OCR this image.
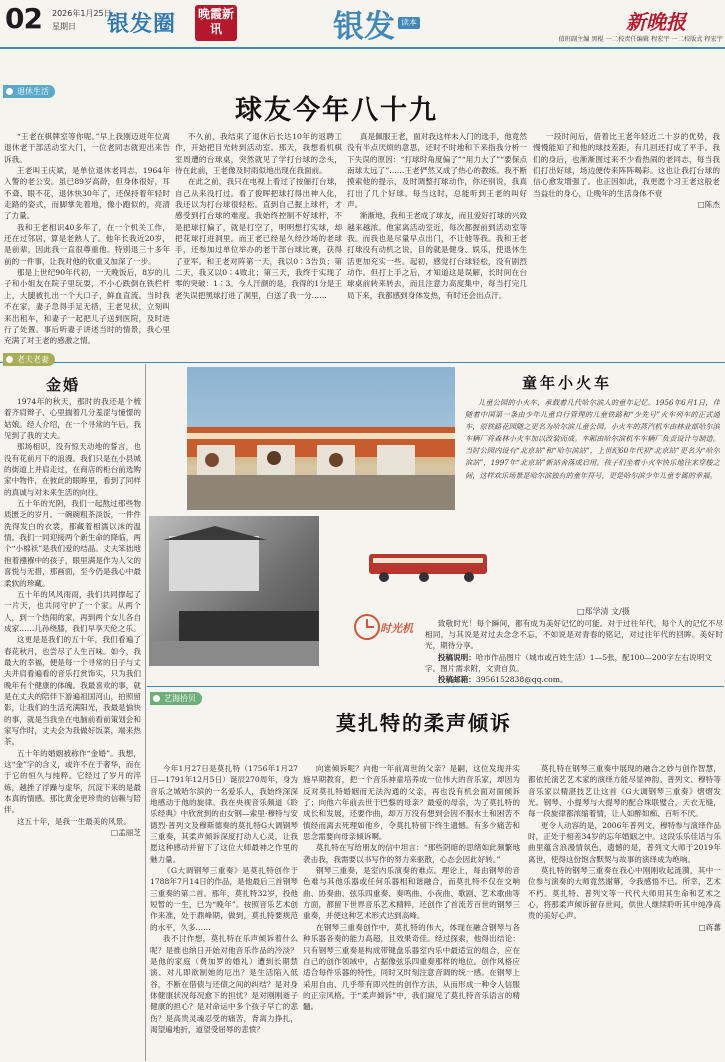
02 2026年1月25日
星期日 银发圈 晚霞新讯	银发 读本	新晚报
值班副主编 黑棍 一二校责任编辑 程宏宇 一二校版式 程宏宇
退休生活
球友今年八十九

“王老在棋牌室等你呢。”早上我刚迈进年位离退休老干部活动室大门，一位老同志就迎出来告诉我。

王老叫王庆斌，是单位退休老同志，1964年入警的老公安。虽已89岁高龄，但身体很好，耳不聋、眼不花，退休快30年了，还保持着年轻时走路的姿式，而脚掌先着地，像小跑似的，亮清了力量。

我和王老相识40多年了，在一个机关工作，还在过邻居，算是老熟人了。他年长我近20岁，是前辈，因此我一直很尊重他。特别退三十多年前的一件事，让我对他的钦重又加深了一步。

那是上世纪90年代初，一天晚饭后，8岁的儿子和小姐友在院子里玩耍，不小心跌倒在铁栏杆上，大腿被扎出一个大口子，鲜血直流。当时我不在家，妻子急得手足无措，王老见状，立刻叫来出租车，和妻子一起把儿子送到医院，及时进行了处置。事后听妻子讲述当时的情景，我心里充满了对王老的感激之情。

不久前，我结束了退休后长达10年的返聘工作，开始把目光转到活动室。那天，我想看机棋室周遭的台球桌，突然就见了学打台球的念头，待在此前，王老像及时雨似地出现在我面前。

在此之前，我只在电视上看过了按俪打台球，自己从来没打过。看了俊晖把球打得出神入化，我还以为打台球很轻松。直到自己握上球杆，才感受到打台球的难度。我始终控制不好球杆，不是把球打偏了，就是打空了，明明想打实球，却把花球打进洞里。而王老已经是久经沙场的老球手，还参加过单位举办的老干部台球比赛，获得了亚军。和王老对阵第一天，我以0∶3告负；第二天，我又以0∶4败北；第三天，我终于实现了零的突破：1∶3。今人汗颜的是，我得的1分是王老失误把黑球打进了洞里，白送了我一分……

真是佩服王老，面对我这样未入门的选手，他竟然没有半点厌烦的意思，还时不时地和下来指我分析一下失误的原因：“打球时角度偏了”“用力大了”“要保点南球太远了”……王老俨然又成了热心的教练。我不断摸索他的提示，及时调整打球动作，你还别说，我真打出了几个好球。每当这时，总能听到王老的叫好声。

渐渐地，我和王老成了球友，而且爱好打球的兴致越来越浓。他家离活动室近，每次都握前到活动室等我。而我也是尽量早点出门，不让他等我。我和王老打球没有动机之说，目的就是健身、娱乐，使退休生活更加充实一些。起初，感觉打台球轻松，没有剧烈动作。但打上手之后，才知道这是误解，长时间在台球桌前转来转去，而且注意力高度集中，每当打完几局下来，我都感到身体发热，有时还会出点汗。

一段时间后，借着比王老年轻近二十岁的优势，我慢慢能知了和他的球技差距，有几回还打成了平手。我们的身后，也渐渐围过来不少看热闹的老同志，每当我们打出好球，场边便传来阵阵喝彩。这也让我打台球的信心愈发增强了。也正因如此，我更愿个习王老这般老当益壮的身心，让晚年的生活身体不衰

□陈杰

老夫老妻
金婚

1974年的秋天，那时的我还是个梳着齐肩辫子、心里揣着几分羞涩与憧憬的姑娘。经人介绍，在一个寻常的午后，我见到了我的丈夫。

那场相识，没有惊天动地的誓言，也没有花前月下的浪漫。我们只是在小县城的街道上并肩走过，在商店的柜台前选购家中物件，在彼此的眼眸里，看到了同样的真诚与对未来生活的向往。

五十年的光阴，我们一起熬过那些物质匮乏的岁月。一碗碗粗茶淡饭，一件件洗得发白的衣裳，都藏着相濡以沫的温情。我们一同迎接两个新生命的降临，两个“小棉袄”是我们爱的结晶。丈夫笨拙地抱着襁褓中的孩子，眼里满是作为人父的喜悦与无措，那画面，至今仍是我心中最柔软的珍藏。

五十年的风风雨雨，我们共同撑起了一片天，也共同守护了一个家。从两个人，到一个热闹的家，再到两个女儿各自成家……儿孙绕膝，我们早享天伦之乐。

这更是是我们的五十年，我们看遍了春花秋月，也尝尽了人生百味。如今，我最大的幸福，便是每一个寻常的日子与丈夫并肩看遍看的音乐打赏饰实，只为我们晚年有个健康的体魄。我最喜欢的事，就是在丈夫的陪伴下游遍祖国河山，拍照留影，让我们的生活充满阳光，我最是愉快的事，就是当我坐在电脑前看前策划会和家写作时，丈夫会为我做好饭菜，端来热茶。

五十年的婚姻被称作“金婚”。我想，这“金”字的含义，或许不在于奢华，而在于它的恒久与纯粹。它经过了岁月的淬炼，越挫了浮躁与虚华，沉淀下来的是最本真的情感。那比黄金更珍贵的信赖与陪伴。

这五十年，是我一生最美的风景。

□孟丽芝

童年小火车
儿童公园的小火车，承载着几代哈尔滨人的童年记忆。1956年6月1日，伴随着中国第一条由少年儿童自行管理的儿童铁路和“少先号”火车列车的正式通车，原铁路花园随之更名为哈尔滨儿童公园。小火车的蒸汽机车由林业部哈尔滨车辆厂将森林小火车加以改装而成。车厢由哈尔滨机车车辆厂负责设计与制造。当时公园内设有“北京站”和“哈尔滨站”，上世纪60年代初“北京站”更名为“哈尔滨站”，1997年“北京站”新站舍落成启用。孩子们坐着小火车快乐地往来穿梭之间，这样欢乐场景是哈尔滨独有的童年符号，更是哈尔滨少年儿童专属的幸福。
□郑学清 文/摄
时光机	致敬时光！每个瞬间，都有成为美好记忆的可能。对于过往年代，每个人的记忆不尽相同，与其说是对过去念念不忘，不如说是对青春的铭记，对过往年代的回眸。美好时光，期待分享。

投稿说明：哈市作品图片（城市或百姓生活）1—5张，配100—200字左右说明文字。图片需求附，文责自负。

投稿邮箱：3956152838@qq.com。

艺海拾贝
莫扎特的柔声倾诉

今年1月27日是莫扎特（1756年1月27日—1791年12月5日）诞辰270周年，身为音乐之城哈尔滨的一名爱乐人，我始终深深地感动于他的旋律。我在央视音乐频道《聆乐经典》中欣赏到的由女钢—索里·穆特与安德烈·普列文及穆斯德奏的莫扎特G大调钢琴三重奏，其柔声倾诉深度打动人心灵，让我愿这种感动并留下了这位大师最神之作里的魅力量。

《G大调钢琴三重奏》是莫扎特创作于1788年7月14日的作品，是他最后三首钢琴三重奏的第二首。那年，莫扎特32岁，投他短暂的一生，已为“晚年”。按照音乐艺术创作来准，处于鼎峰期，做到，莫扎特要规范的水平，久多……

我不讨作想，莫扎特在乐声倾诉着什么呢？是推也纳日开始对他音乐作品的冷淡？是他的家庭（费加罗的婚礼）遭到长期禁演、对儿即欲制她的厄出？是生活陷入低谷，不断在借债与还债之间的纠结？是对身体健康状况每况愈下的担忧？是对刚刚逝子健康的担心？是对命运中多个孩子早亡的悲伤？是高贵灵魂忍受的痛苦，背离力挣扎，渴望遍地折，道望受屈辱的悲愤？

向谁倾诉呢？向他一年前离世的父亲？是嗣，这位发现并实施早期教育，把一个音乐神童培养成一位伟大的音乐家，却因为反对莫扎特婚姻而无法沟通的父亲，再也没有机会面对面倾诉了；向他六年前去世于巴黎的母亲？最爱的母亲，为了莫扎特的成长和发展，还要作曲，却万万没有想到会因不服水土和困苦不慎经而离去死理如他乡，令莫扎特留下终生遗憾。有多少痛苦和思念需要向母亲倾诉啊。

莫扎特在写给朋友的信中坦言：“那些阴暗的思绪如此频繁地袭击我，我需要以书写作的努力来驱散，心态会因此好转。”

钢琴三重奏，是室内乐演奏的难点。理论上，每由钢琴的音色难与其他乐器或任何乐器相和谐融合，而莫扎特不仅在交响曲、协奏曲、弦乐四重奏、奏鸣曲、小夜曲、歌剧、艺术歌曲等方面，都留下世界音乐艺术精粹，还创作了首流芳百世的钢琴三重奏，并使这种艺术形式达到高峰。

在钢琴三重奏创作中，莫扎特的伟大，体现在融合钢琴与各种乐器各奏的能力高超，且效果奇佳。经过探索，他得出结论：只有钢琴三重奏是构成带键盘乐器室内乐中最适宜的组合，应在自己的创作领域中，占据像弦乐四重奏那样的地位。创作风格应适合每件乐器的特性，同时又时刻注意音调的统一感。在钢琴上采用自由、几乎带有即兴性的创作方法，从而形成一种令人信服的正宗风格。于“柔声倾诉”中，我们窥见了莫扎特音乐语言的精髓。

莫扎特在钢琴三重奏中展现的融合之妙与创作智慧，都依托演艺艺术家的演绎方能尽显神韵。普列文、穆特等音乐家以精湛技艺让这首《G大调钢琴三重奏》熠熠发光。钢琴、小提琴与大提琴的配合珠联璧合，天衣无缝，每一段旋律都浓缩着情，让人如醉如痴、百听不厌。

更令人动容的是，2006年普列文、穆特参与演绎作品时，正处于相差34岁的忘年婚姻之中。这段乐乐佳话与乐曲里蕴含浪漫情氛色，遗憾的是，普列文大师于2019年离世，使得这份饱含默契与故事的演绎成为绝响。

莫扎特的钢琴三重奏在我心中刚刚收起涟漪，其中一位参与演奏的大师竟然谢幕，令我感悟不已。所幸，艺术不朽。莫扎特、普列文等一代代大师用其生命和艺术之心，将那柔声倾诉留存世间，供世人继续聆听其中纯净高贵的美好心声。

□蒋蕃
